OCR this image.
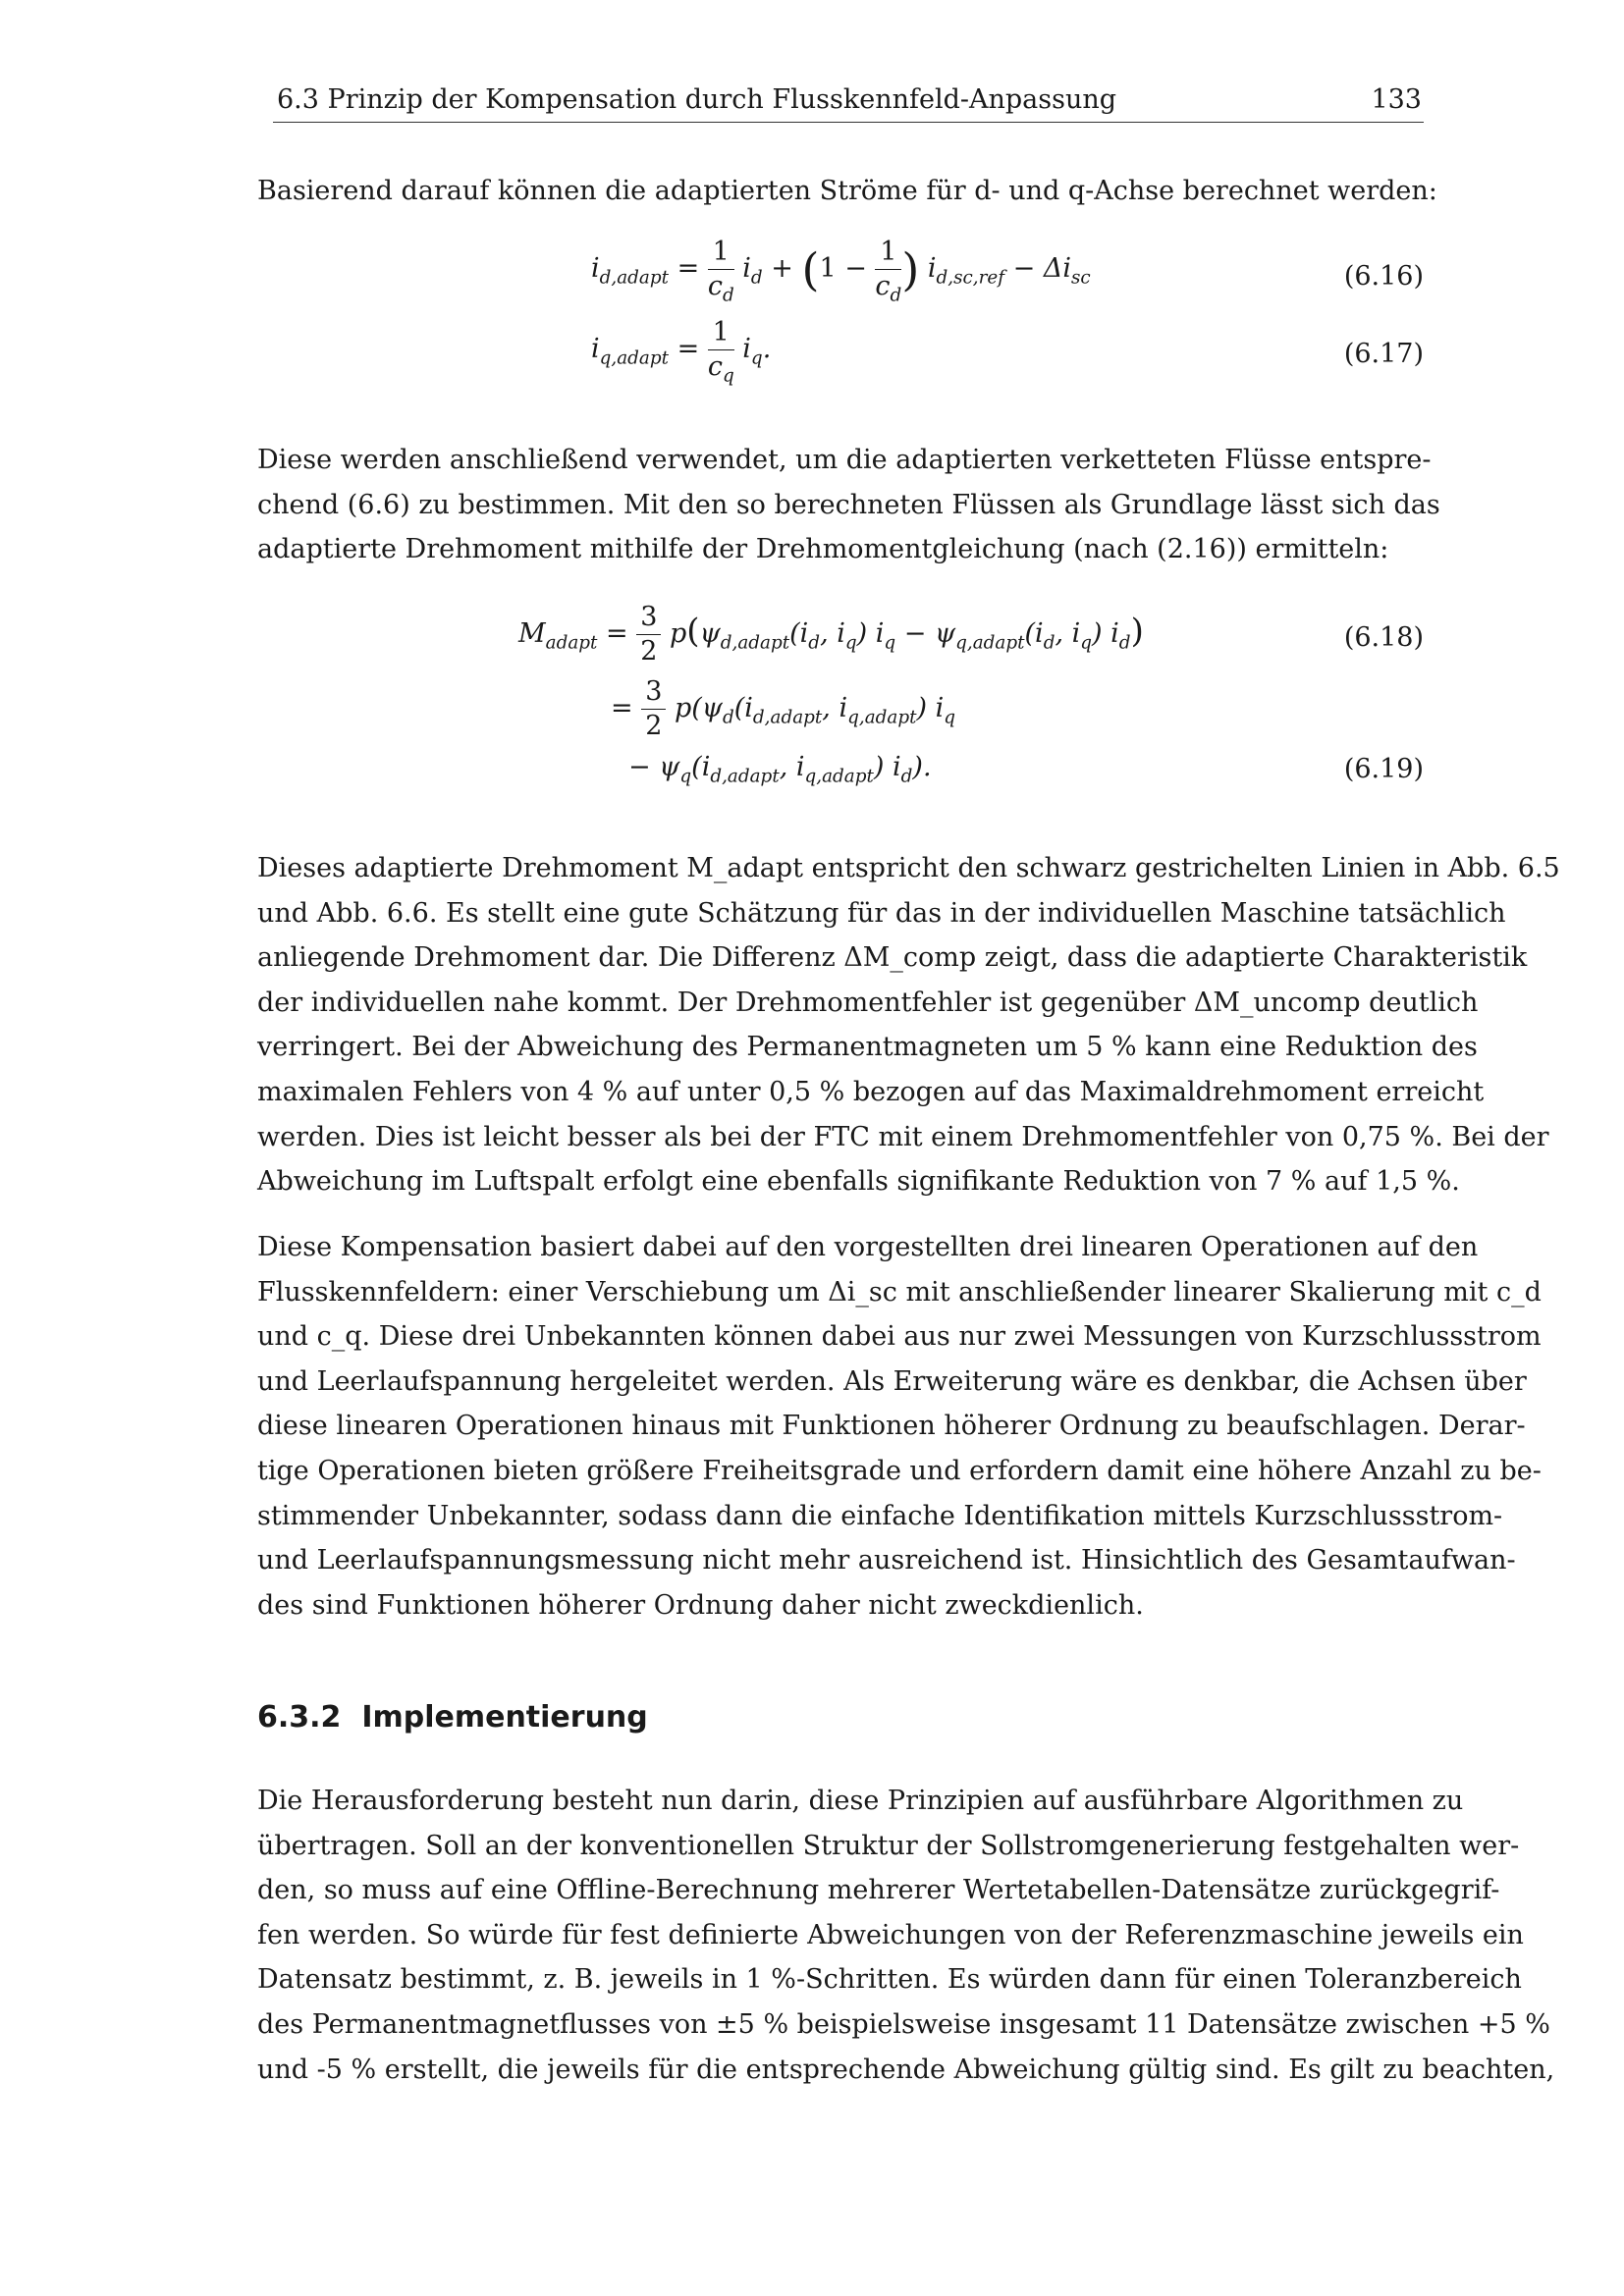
6.3 Prinzip der Kompensation durch Flusskennfeld-Anpassung	133

Basierend darauf können die adaptierten Ströme für d- und q-Achse berechnet werden:

$i_{d,adapt} = \frac{1}{c_d} i_d + (1 - \frac{1}{c_d}$ ) $i_{d,sc,ref} - \Delta i_{sc}$	(6.16)
$i_{q,adapt} = \frac{1}{c_q} i_q$.	(6.17)

Diese werden anschließend verwendet, um die adaptierten verketteten Flüsse entspre-
chend (6.6) zu bestimmen. Mit den so berechneten Flüssen als Grundlage lässt sich das
adaptierte Drehmoment mithilfe der Drehmomentgleichung (nach (2.16)) ermitteln:

$M_{adapt} = \frac{3}{2} p(\psi_{d,adapt}(i_d$, $i_q$) $i_q - \psi_{q,adapt}(i_d$, $i_q$) $i_d$)	(6.18)
= $\frac{3}{2} p(\psi_d(i_{d,adapt}$, $i_{q,adapt}$) $i_q$
− $\psi_q(i_{d,adapt}$, $i_{q,adapt}$) $i_d$).	(6.19)

Dieses adaptierte Drehmoment M_adapt entspricht den schwarz gestrichelten Linien in Abb. 6.5
und Abb. 6.6. Es stellt eine gute Schätzung für das in der individuellen Maschine tatsächlich
anliegende Drehmoment dar. Die Differenz ΔM_comp zeigt, dass die adaptierte Charakteristik
der individuellen nahe kommt. Der Drehmomentfehler ist gegenüber ΔM_uncomp deutlich
verringert. Bei der Abweichung des Permanentmagneten um 5 % kann eine Reduktion des
maximalen Fehlers von 4 % auf unter 0,5 % bezogen auf das Maximaldrehmoment erreicht
werden. Dies ist leicht besser als bei der FTC mit einem Drehmomentfehler von 0,75 %. Bei der
Abweichung im Luftspalt erfolgt eine ebenfalls signifikante Reduktion von 7 % auf 1,5 %.

Diese Kompensation basiert dabei auf den vorgestellten drei linearen Operationen auf den
Flusskennfeldern: einer Verschiebung um Δi_sc mit anschließender linearer Skalierung mit c_d
und c_q. Diese drei Unbekannten können dabei aus nur zwei Messungen von Kurzschlussstrom
und Leerlaufspannung hergeleitet werden. Als Erweiterung wäre es denkbar, die Achsen über
diese linearen Operationen hinaus mit Funktionen höherer Ordnung zu beaufschlagen. Derar-
tige Operationen bieten größere Freiheitsgrade und erfordern damit eine höhere Anzahl zu be-
stimmender Unbekannter, sodass dann die einfache Identifikation mittels Kurzschlussstrom-
und Leerlaufspannungsmessung nicht mehr ausreichend ist. Hinsichtlich des Gesamtaufwan-
des sind Funktionen höherer Ordnung daher nicht zweckdienlich.

6.3.2 Implementierung

Die Herausforderung besteht nun darin, diese Prinzipien auf ausführbare Algorithmen zu
übertragen. Soll an der konventionellen Struktur der Sollstromgenerierung festgehalten wer-
den, so muss auf eine Offline-Berechnung mehrerer Wertetabellen-Datensätze zurückgegrif-
fen werden. So würde für fest definierte Abweichungen von der Referenzmaschine jeweils ein
Datensatz bestimmt, z. B. jeweils in 1 %-Schritten. Es würden dann für einen Toleranzbereich
des Permanentmagnetflusses von ±5 % beispielsweise insgesamt 11 Datensätze zwischen +5 %
und -5 % erstellt, die jeweils für die entsprechende Abweichung gültig sind. Es gilt zu beachten,
